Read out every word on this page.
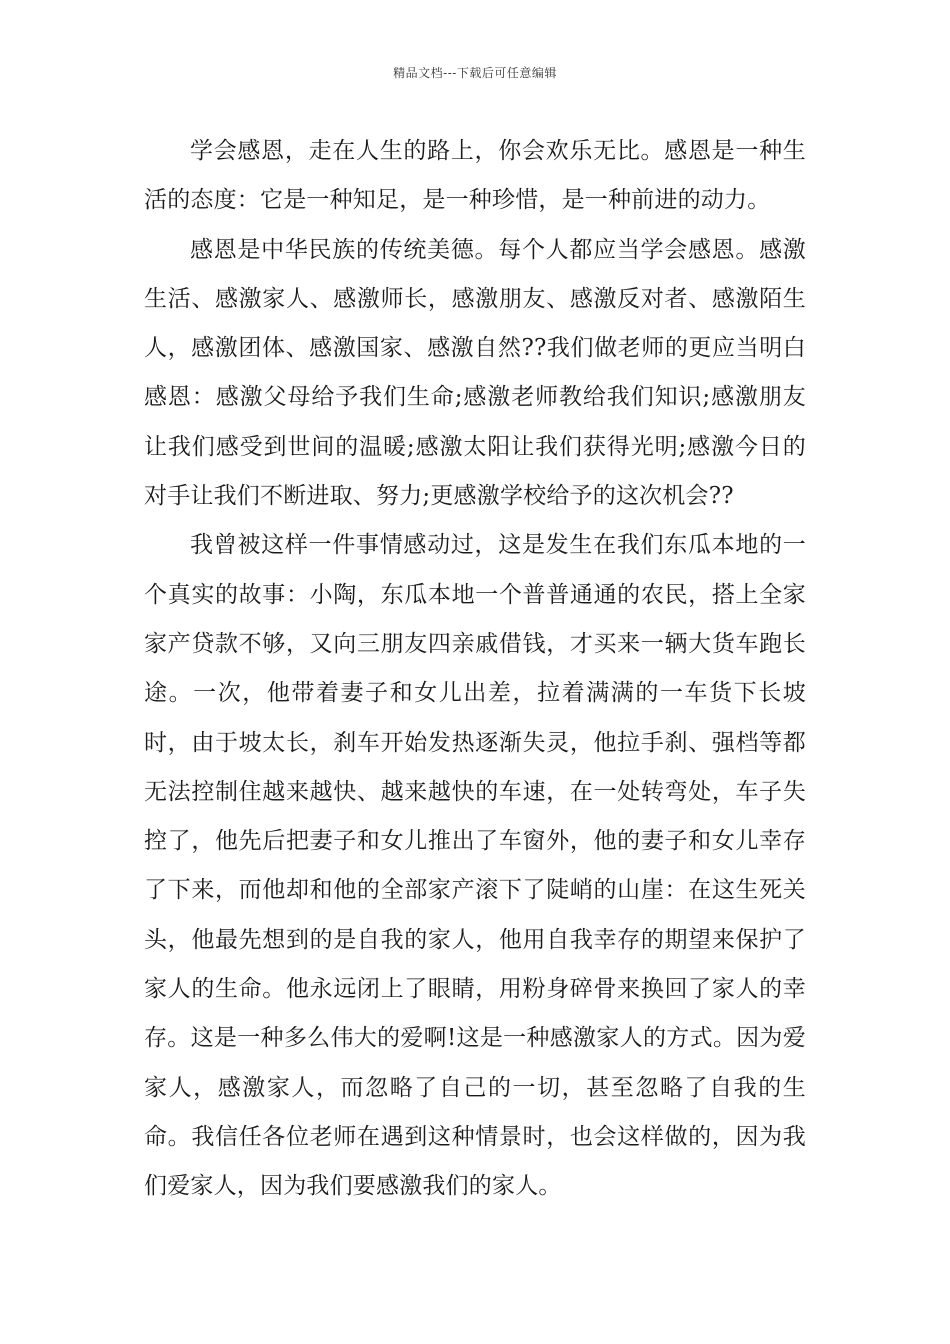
精品文档---下载后可任意编辑

学会感恩，走在人生的路上，你会欢乐无比。感恩是一种生活的态度：它是一种知足，是一种珍惜，是一种前进的动力。

感恩是中华民族的传统美德。每个人都应当学会感恩。感激生活、感激家人、感激师长，感激朋友、感激反对者、感激陌生人，感激团体、感激国家、感激自然??我们做老师的更应当明白感恩：感激父母给予我们生命;感激老师教给我们知识;感激朋友让我们感受到世间的温暖;感激太阳让我们获得光明;感激今日的对手让我们不断进取、努力;更感激学校给予的这次机会??

我曾被这样一件事情感动过，这是发生在我们东瓜本地的一个真实的故事：小陶，东瓜本地一个普普通通的农民，搭上全家家产贷款不够，又向三朋友四亲戚借钱，才买来一辆大货车跑长途。一次，他带着妻子和女儿出差，拉着满满的一车货下长坡时，由于坡太长，刹车开始发热逐渐失灵，他拉手刹、强档等都无法控制住越来越快、越来越快的车速，在一处转弯处，车子失控了，他先后把妻子和女儿推出了车窗外，他的妻子和女儿幸存了下来，而他却和他的全部家产滚下了陡峭的山崖：在这生死关头，他最先想到的是自我的家人，他用自我幸存的期望来保护了家人的生命。他永远闭上了眼睛，用粉身碎骨来换回了家人的幸存。这是一种多么伟大的爱啊!这是一种感激家人的方式。因为爱家人，感激家人，而忽略了自己的一切，甚至忽略了自我的生命。我信任各位老师在遇到这种情景时，也会这样做的，因为我们爱家人，因为我们要感激我们的家人。
